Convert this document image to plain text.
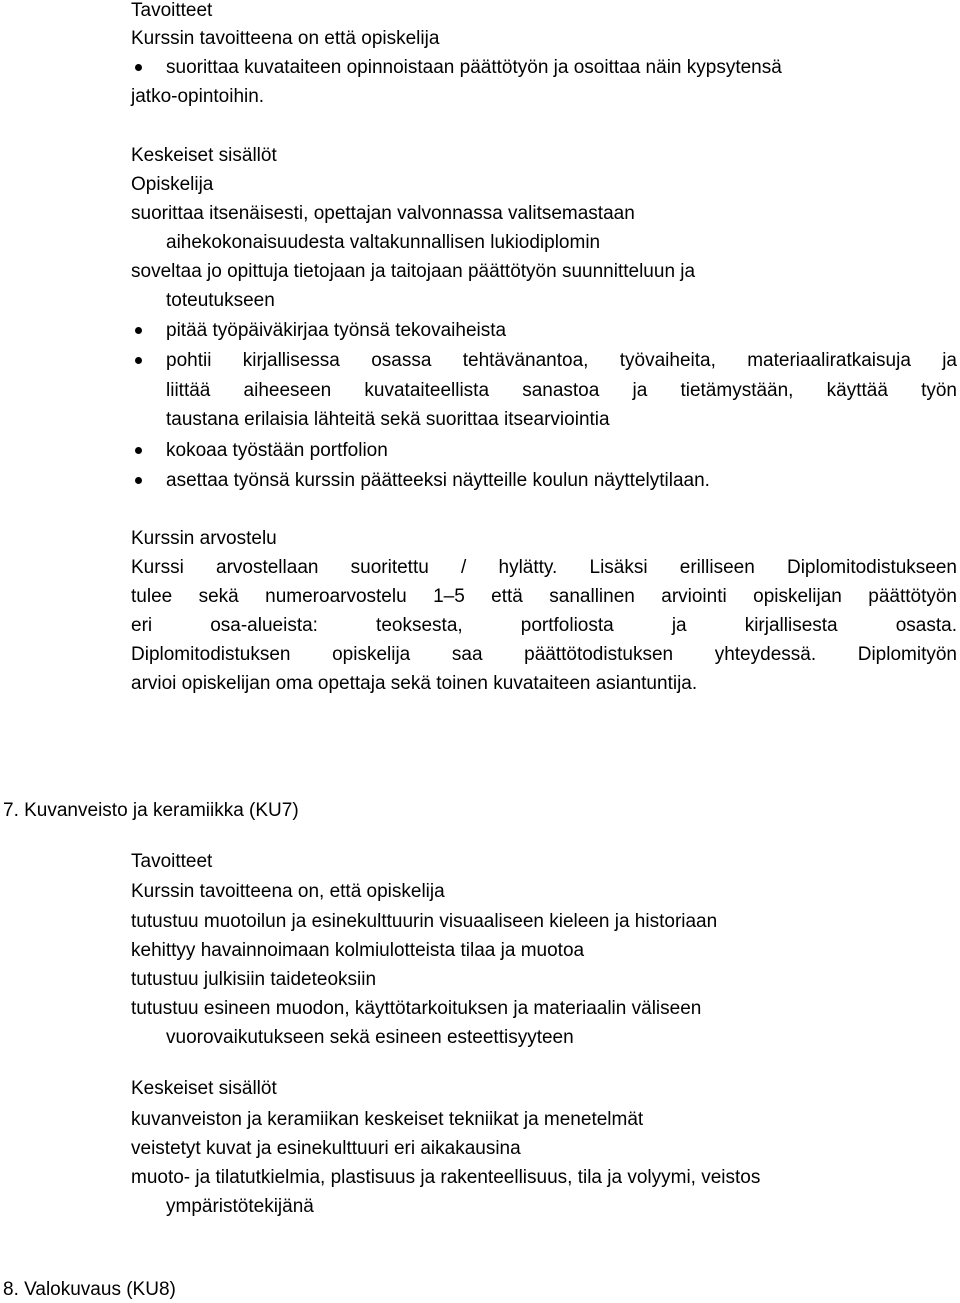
Tavoitteet
Kurssin tavoitteena on että opiskelija
suorittaa kuvataiteen opinnoistaan päättötyön ja osoittaa näin kypsytensä
jatko-opintoihin.
Keskeiset sisällöt
Opiskelija
suorittaa itsenäisesti, opettajan valvonnassa valitsemastaan
aihekokonaisuudesta valtakunnallisen lukiodiplomin
soveltaa jo opittuja tietojaan ja taitojaan päättötyön suunnitteluun ja
toteutukseen
pitää työpäiväkirjaa työnsä tekovaiheista
pohtii kirjallisessa osassa tehtävänantoa, työvaiheita, materiaaliratkaisuja ja
liittää aiheeseen kuvataiteellista sanastoa ja tietämystään, käyttää työn
taustana erilaisia lähteitä sekä suorittaa itsearviointia
kokoaa työstään portfolion
asettaa työnsä kurssin päätteeksi näytteille koulun näyttelytilaan.
Kurssin arvostelu
Kurssi arvostellaan suoritettu / hylätty. Lisäksi erilliseen Diplomitodistukseen
tulee sekä numeroarvostelu 1–5 että sanallinen arviointi opiskelijan päättötyön
eri osa-alueista: teoksesta, portfoliosta ja kirjallisesta osasta.
Diplomitodistuksen opiskelija saa päättötodistuksen yhteydessä. Diplomityön
arvioi opiskelijan oma opettaja sekä toinen kuvataiteen asiantuntija.
7. Kuvanveisto ja keramiikka (KU7)
Tavoitteet
Kurssin tavoitteena on, että opiskelija
tutustuu muotoilun ja esinekulttuurin visuaaliseen kieleen ja historiaan
kehittyy havainnoimaan kolmiulotteista tilaa ja muotoa
tutustuu julkisiin taideteoksiin
tutustuu esineen muodon, käyttötarkoituksen ja materiaalin väliseen
vuorovaikutukseen sekä esineen esteettisyyteen
Keskeiset sisällöt
kuvanveiston ja keramiikan keskeiset tekniikat ja menetelmät
veistetyt kuvat ja esinekulttuuri eri aikakausina
muoto- ja tilatutkielmia, plastisuus ja rakenteellisuus, tila ja volyymi, veistos
ympäristötekijänä
8. Valokuvaus (KU8)
